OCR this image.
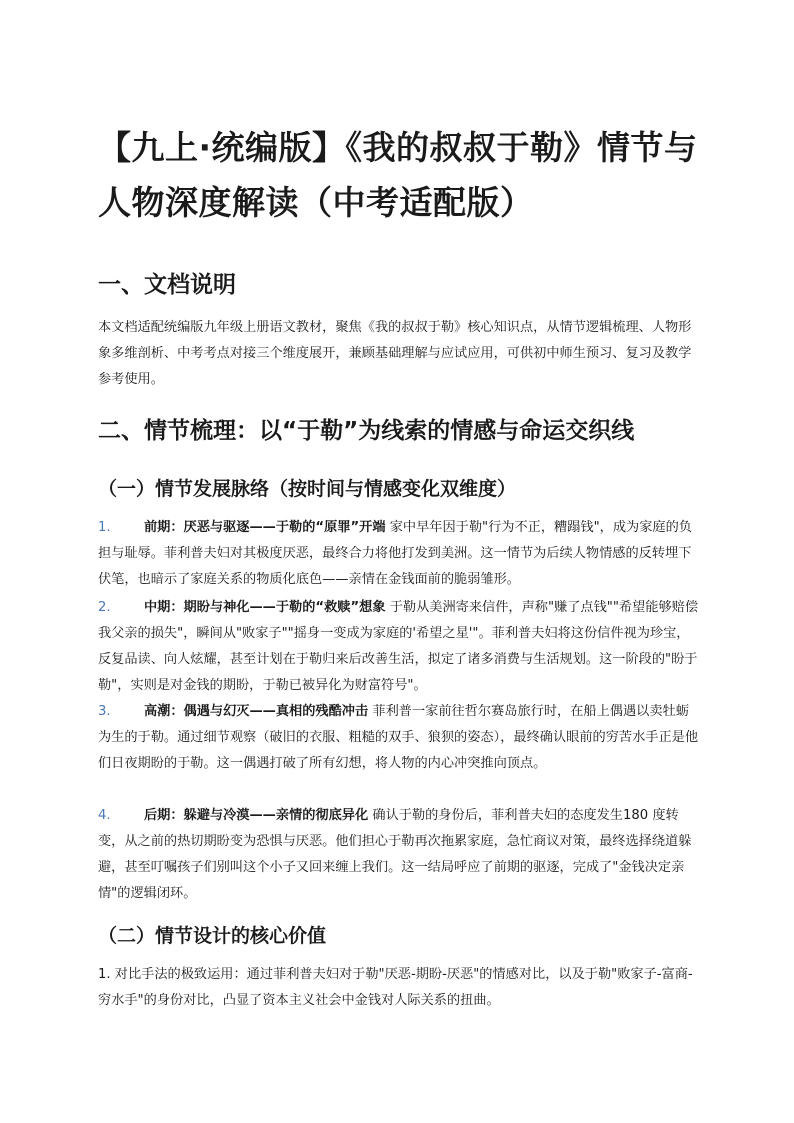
【九上·统编版】《我的叔叔于勒》情节与人物深度解读（中考适配版）
一、文档说明

本文档适配统编版九年级上册语文教材，聚焦《我的叔叔于勒》核心知识点，从情节逻辑梳理、人物形象多维剖析、中考考点对接三个维度展开，兼顾基础理解与应试应用，可供初中师生预习、复习及教学参考使用。

二、情节梳理：以“于勒”为线索的情感与命运交织线
（一）情节发展脉络（按时间与情感变化双维度）

1.	前期：厌恶与驱逐——于勒的“原罪”开端 家中早年因于勒"行为不正，糟蹋钱"，成为家庭的负担与耻辱。菲利普夫妇对其极度厌恶，最终合力将他打发到美洲。这一情节为后续人物情感的反转埋下伏笔，也暗示了家庭关系的物质化底色——亲情在金钱面前的脆弱雏形。

2.	中期：期盼与神化——于勒的“救赎”想象 于勒从美洲寄来信件，声称"赚了点钱""希望能够赔偿我父亲的损失"，瞬间从"败家子""摇身一变成为家庭的'希望之星'"。菲利普夫妇将这份信件视为珍宝，反复品读、向人炫耀，甚至计划在于勒归来后改善生活，拟定了诸多消费与生活规划。这一阶段的"盼于勒"，实则是对金钱的期盼，于勒已被异化为财富符号"。

3.	高潮：偶遇与幻灭——真相的残酷冲击 菲利普一家前往哲尔赛岛旅行时，在船上偶遇以卖牡蛎为生的于勒。通过细节观察（破旧的衣服、粗糙的双手、狼狈的姿态），最终确认眼前的穷苦水手正是他们日夜期盼的于勒。这一偶遇打破了所有幻想，将人物的内心冲突推向顶点。

4.	后期：躲避与冷漠——亲情的彻底异化 确认于勒的身份后，菲利普夫妇的态度发生180 度转变，从之前的热切期盼变为恐惧与厌恶。他们担心于勒再次拖累家庭，急忙商议对策，最终选择绕道躲避，甚至叮嘱孩子们别叫这个小子又回来缠上我们。这一结局呼应了前期的驱逐，完成了"金钱决定亲情"的逻辑闭环。

（二）情节设计的核心价值

1. 对比手法的极致运用：通过菲利普夫妇对于勒"厌恶-期盼-厌恶"的情感对比，以及于勒"败家子-富商-穷水手"的身份对比，凸显了资本主义社会中金钱对人际关系的扭曲。
